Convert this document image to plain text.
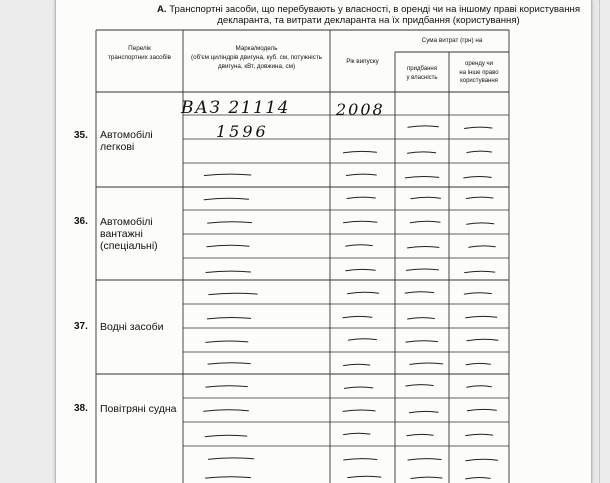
А. Транспортні засоби, що перебувають у власності, в оренді чи на іншому праві користування
декларанта, та витрати декларанта на їх придбання (користування)
Перелік
транспортних засобів
Марка/модель
(об'єм циліндрів двигуна, куб. см, потужність
двигуна, кВт, довжина, см)
Рік випуску
Сума витрат (грн) на
придбання
у власність
оренду чи
на інше право
користування
35. Автомобілі
легкові
ВАЗ 21114	2008
1596
36. Автомобілі
вантажні
(спеціальні)
37. Водні засоби
38. Повітряні судна
